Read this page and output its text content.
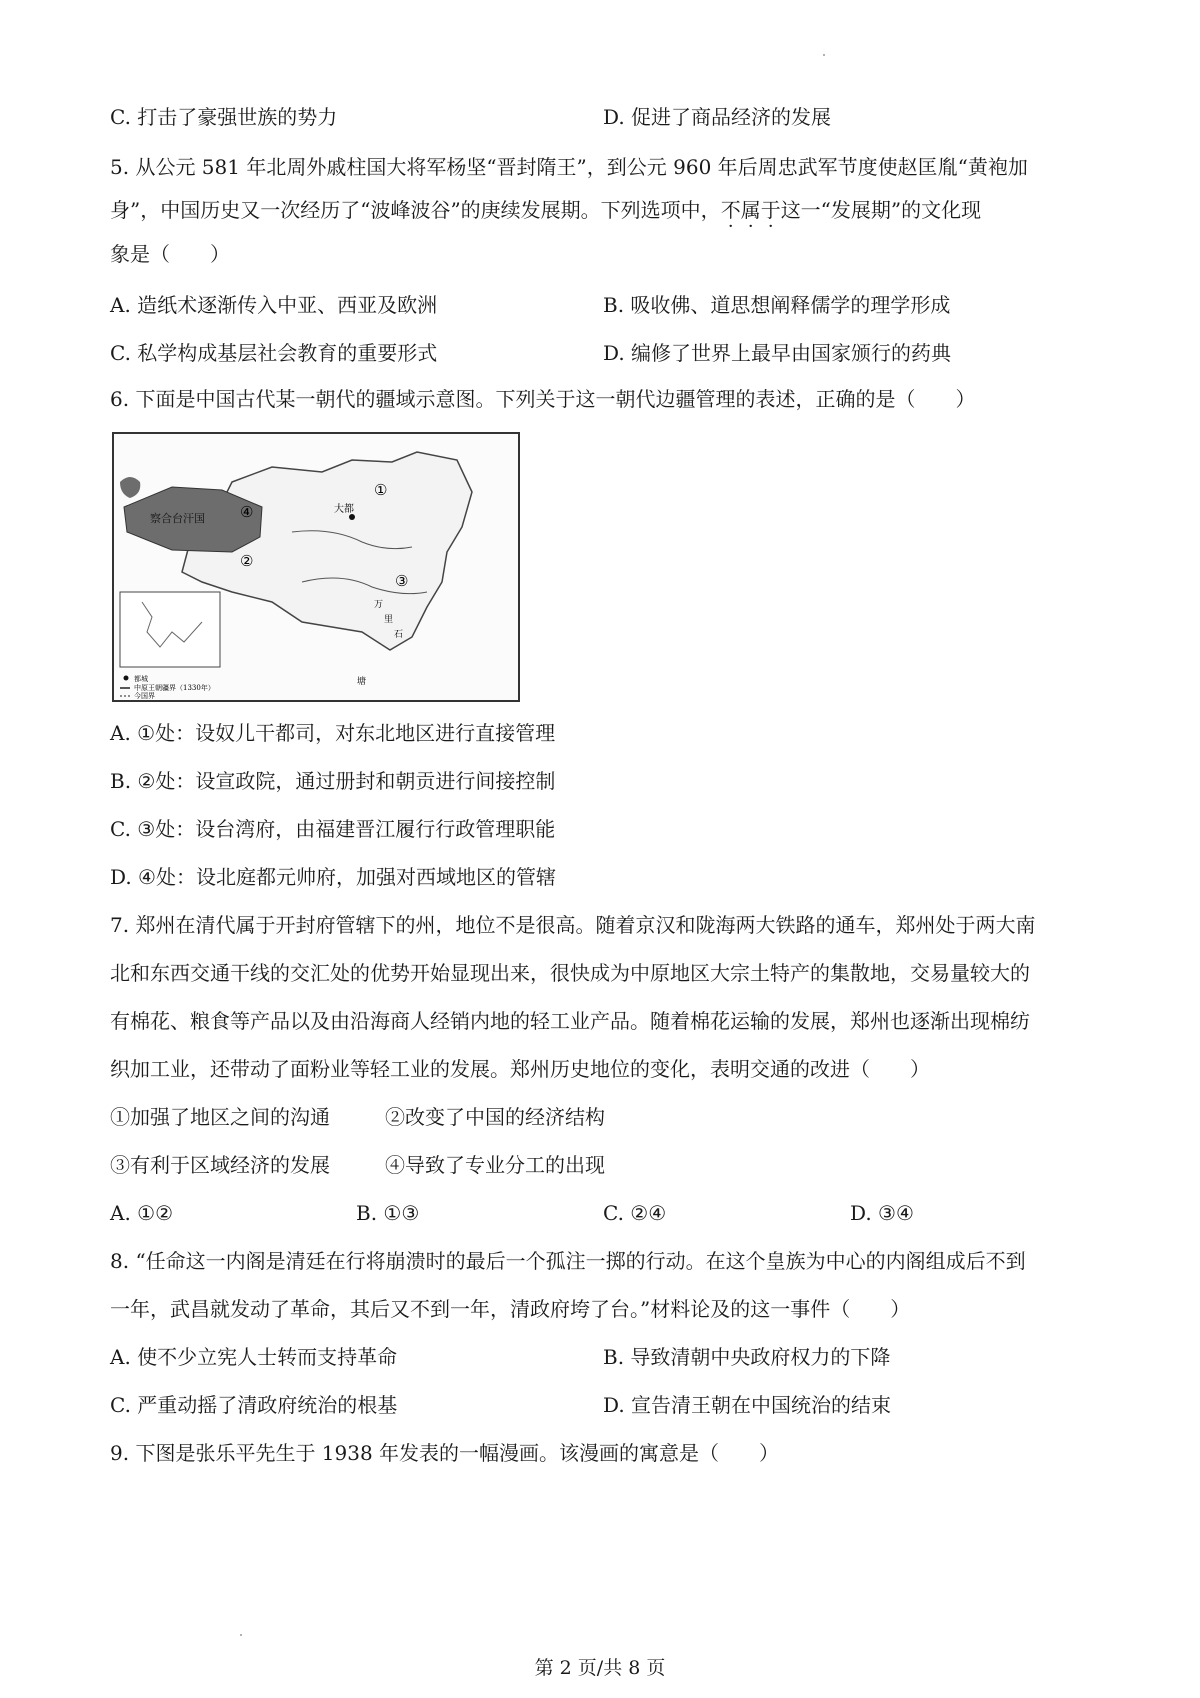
C. 打击了豪强世族的势力	D. 促进了商品经济的发展
5. 从公元 581 年北周外戚柱国大将军杨坚“晋封隋王”，到公元 960 年后周忠武军节度使赵匡胤“黄袍加
身”，中国历史又一次经历了“波峰波谷”的庚续发展期。下列选项中，不属于这一“发展期”的文化现
象是（　　）
A. 造纸术逐渐传入中亚、西亚及欧洲	B. 吸收佛、道思想阐释儒学的理学形成
C. 私学构成基层社会教育的重要形式	D. 编修了世界上最早由国家颁行的药典
6. 下面是中国古代某一朝代的疆域示意图。下列关于这一朝代边疆管理的表述，正确的是（　　）
察合台汗国
①
②
③
④	大都
万
里
石
塘
都城
中原王朝疆界（1330年）
今国界
A. ①处：设奴儿干都司，对东北地区进行直接管理
B. ②处：设宣政院，通过册封和朝贡进行间接控制
C. ③处：设台湾府，由福建晋江履行行政管理职能
D. ④处：设北庭都元帅府，加强对西域地区的管辖
7. 郑州在清代属于开封府管辖下的州，地位不是很高。随着京汉和陇海两大铁路的通车，郑州处于两大南
北和东西交通干线的交汇处的优势开始显现出来，很快成为中原地区大宗土特产的集散地，交易量较大的
有棉花、粮食等产品以及由沿海商人经销内地的轻工业产品。随着棉花运输的发展，郑州也逐渐出现棉纺
织加工业，还带动了面粉业等轻工业的发展。郑州历史地位的变化，表明交通的改进（　　）
①加强了地区之间的沟通	②改变了中国的经济结构
③有利于区域经济的发展	④导致了专业分工的出现
A. ①②	B. ①③	C. ②④	D. ③④
8. “任命这一内阁是清廷在行将崩溃时的最后一个孤注一掷的行动。在这个皇族为中心的内阁组成后不到
一年，武昌就发动了革命，其后又不到一年，清政府垮了台。”材料论及的这一事件（　　）
A. 使不少立宪人士转而支持革命	B. 导致清朝中央政府权力的下降
C. 严重动摇了清政府统治的根基	D. 宣告清王朝在中国统治的结束
9. 下图是张乐平先生于 1938 年发表的一幅漫画。该漫画的寓意是（　　）
第 2 页/共 8 页
